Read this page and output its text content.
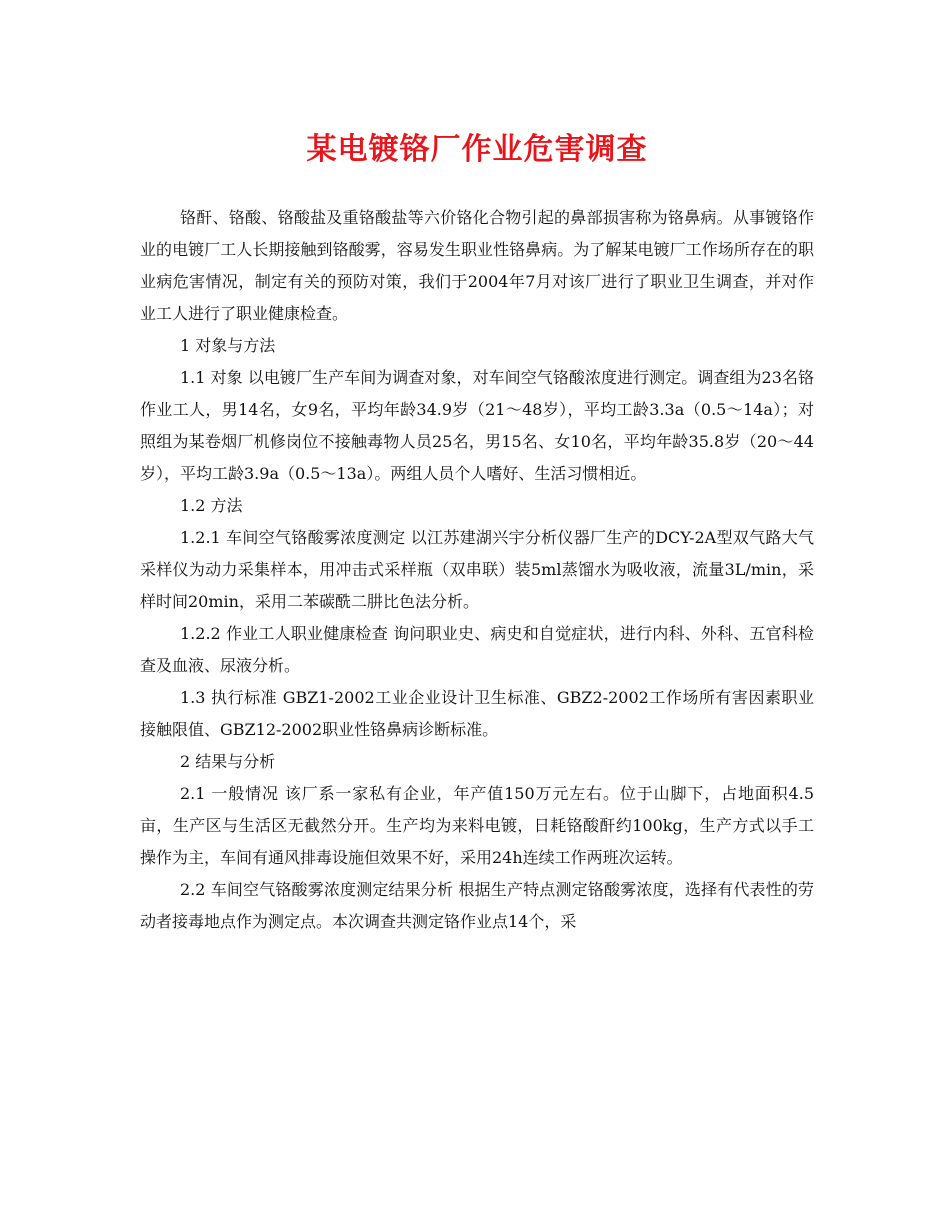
某电镀铬厂作业危害调查

铬酐、铬酸、铬酸盐及重铬酸盐等六价铬化合物引起的鼻部损害称为铬鼻病。从事镀铬作业的电镀厂工人长期接触到铬酸雾，容易发生职业性铬鼻病。为了解某电镀厂工作场所存在的职业病危害情况，制定有关的预防对策，我们于2004年7月对该厂进行了职业卫生调查，并对作业工人进行了职业健康检查。

1 对象与方法

1.1 对象 以电镀厂生产车间为调查对象，对车间空气铬酸浓度进行测定。调查组为23名铬作业工人，男14名，女9名，平均年龄34.9岁（21～48岁），平均工龄3.3a（0.5～14a）；对照组为某卷烟厂机修岗位不接触毒物人员25名，男15名、女10名，平均年龄35.8岁（20～44岁），平均工龄3.9a（0.5～13a）。两组人员个人嗜好、生活习惯相近。

1.2 方法

1.2.1 车间空气铬酸雾浓度测定 以江苏建湖兴宇分析仪器厂生产的DCY-2A型双气路大气采样仪为动力采集样本，用冲击式采样瓶（双串联）装5ml蒸馏水为吸收液，流量3L/min，采样时间20min，采用二苯碳酰二肼比色法分析。

1.2.2 作业工人职业健康检查 询问职业史、病史和自觉症状，进行内科、外科、五官科检查及血液、尿液分析。

1.3 执行标准 GBZ1-2002工业企业设计卫生标准、GBZ2-2002工作场所有害因素职业接触限值、GBZ12-2002职业性铬鼻病诊断标准。

2 结果与分析

2.1 一般情况 该厂系一家私有企业，年产值150万元左右。位于山脚下，占地面积4.5亩，生产区与生活区无截然分开。生产均为来料电镀，日耗铬酸酐约100kg，生产方式以手工操作为主，车间有通风排毒设施但效果不好，采用24h连续工作两班次运转。

2.2 车间空气铬酸雾浓度测定结果分析 根据生产特点测定铬酸雾浓度，选择有代表性的劳动者接毒地点作为测定点。本次调查共测定铬作业点14个，采
